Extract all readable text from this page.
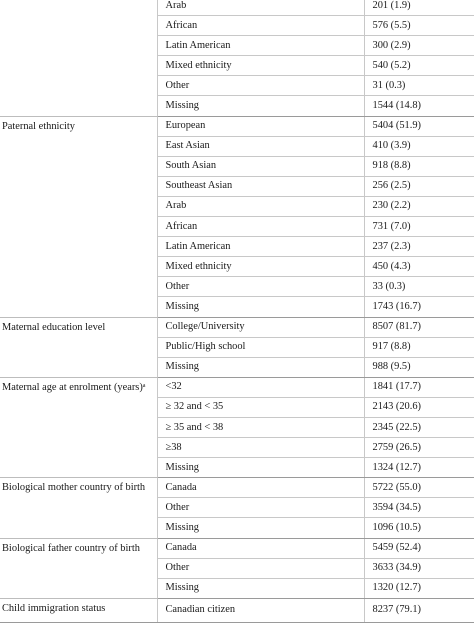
	Arab	201 (1.9)
	African	576 (5.5)
	Latin American	300 (2.9)
	Mixed ethnicity	540 (5.2)
	Other	31 (0.3)
	Missing	1544 (14.8)
Paternal ethnicity	European	5404 (51.9)
	East Asian	410 (3.9)
	South Asian	918 (8.8)
	Southeast Asian	256 (2.5)
	Arab	230 (2.2)
	African	731 (7.0)
	Latin American	237 (2.3)
	Mixed ethnicity	450 (4.3)
	Other	33 (0.3)
	Missing	1743 (16.7)
Maternal education level	College/University	8507 (81.7)
	Public/High school	917 (8.8)
	Missing	988 (9.5)
Maternal age at enrolment (years)ᵃ	<32	1841 (17.7)
	≥ 32 and < 35	2143 (20.6)
	≥ 35 and < 38	2345 (22.5)
	≥38	2759 (26.5)
	Missing	1324 (12.7)
Biological mother country of birth	Canada	5722 (55.0)
	Other	3594 (34.5)
	Missing	1096 (10.5)
Biological father country of birth	Canada	5459 (52.4)
	Other	3633 (34.9)
	Missing	1320 (12.7)
Child immigration status	Canadian citizen	8237 (79.1)
